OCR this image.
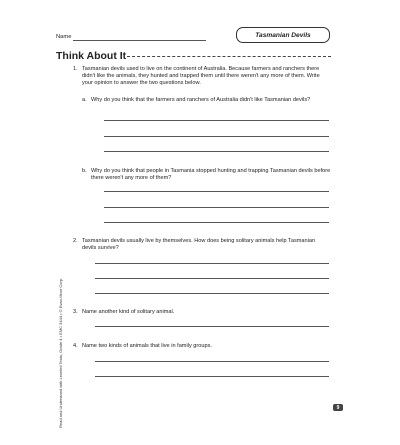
Name	Tasmanian Devils
Think About It
1. Tasmanian devils used to live on the continent of Australia. Because farmers and ranchers there didn't like the animals, they hunted and trapped them until there weren't any more of them. Write your opinion to answer the two questions below.
a. Why do you think that the farmers and ranchers of Australia didn't like Tasmanian devils?
b. Why do you think that people in Tasmania stopped hunting and trapping Tasmanian devils before there weren't any more of them?
2. Tasmanian devils usually live by themselves. How does being solitary animals help Tasmanian devils survive?
3. Name another kind of solitary animal.
4. Name two kinds of animals that live in family groups.
Read and Understand with Leveled Texts, Grade 4 • EMC 3444 • © Evan-Moor Corp.	9
